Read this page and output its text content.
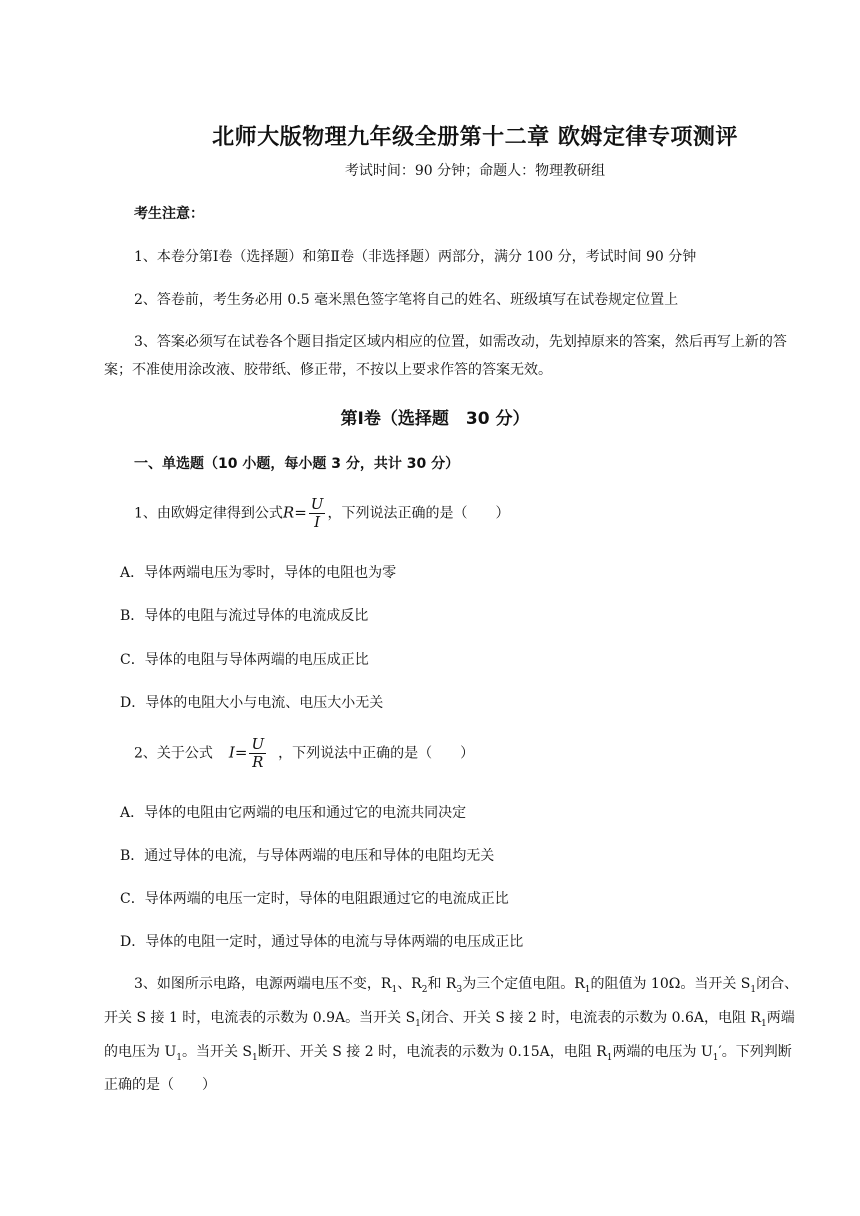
北师大版物理九年级全册第十二章 欧姆定律专项测评
考试时间：90 分钟；命题人：物理教研组
考生注意：
1、本卷分第Ⅰ卷（选择题）和第Ⅱ卷（非选择题）两部分，满分 100 分，考试时间 90 分钟
2、答卷前，考生务必用 0.5 毫米黑色签字笔将自己的姓名、班级填写在试卷规定位置上
3、答案必须写在试卷各个题目指定区域内相应的位置，如需改动，先划掉原来的答案，然后再写上新的答案；不准使用涂改液、胶带纸、修正带，不按以上要求作答的答案无效。
第Ⅰ卷（选择题　30 分）
一、单选题（10 小题，每小题 3 分，共计 30 分）
1、由欧姆定律得到公式$R= \frac{U}{I}$ ，下列说法正确的是（　　）
A．导体两端电压为零时，导体的电阻也为零
B．导体的电阻与流过导体的电流成反比
C．导体的电阻与导体两端的电压成正比
D．导体的电阻大小与电流、电压大小无关
2、关于公式 $I= \frac{U}{R}$ ，下列说法中正确的是（　　）
A．导体的电阻由它两端的电压和通过它的电流共同决定
B．通过导体的电流，与导体两端的电压和导体的电阻均无关
C．导体两端的电压一定时，导体的电阻跟通过它的电流成正比
D．导体的电阻一定时，通过导体的电流与导体两端的电压成正比
3、如图所示电路，电源两端电压不变，$R_1$、$R_2$和 $R_3$为三个定值电阻。$R_1$的阻值为 10Ω。当开关 $S_1$闭合、开关 S 接 1 时，电流表的示数为 0.9A。当开关 $S_1$闭合、开关 S 接 2 时，电流表的示数为 0.6A，电阻 $R_1$两端的电压为 $U_1$。当开关 $S_1$断开、开关 S 接 2 时，电流表的示数为 0.15A，电阻 $R_1$两端的电压为 $U_1'$。下列判断正确的是（　　）
